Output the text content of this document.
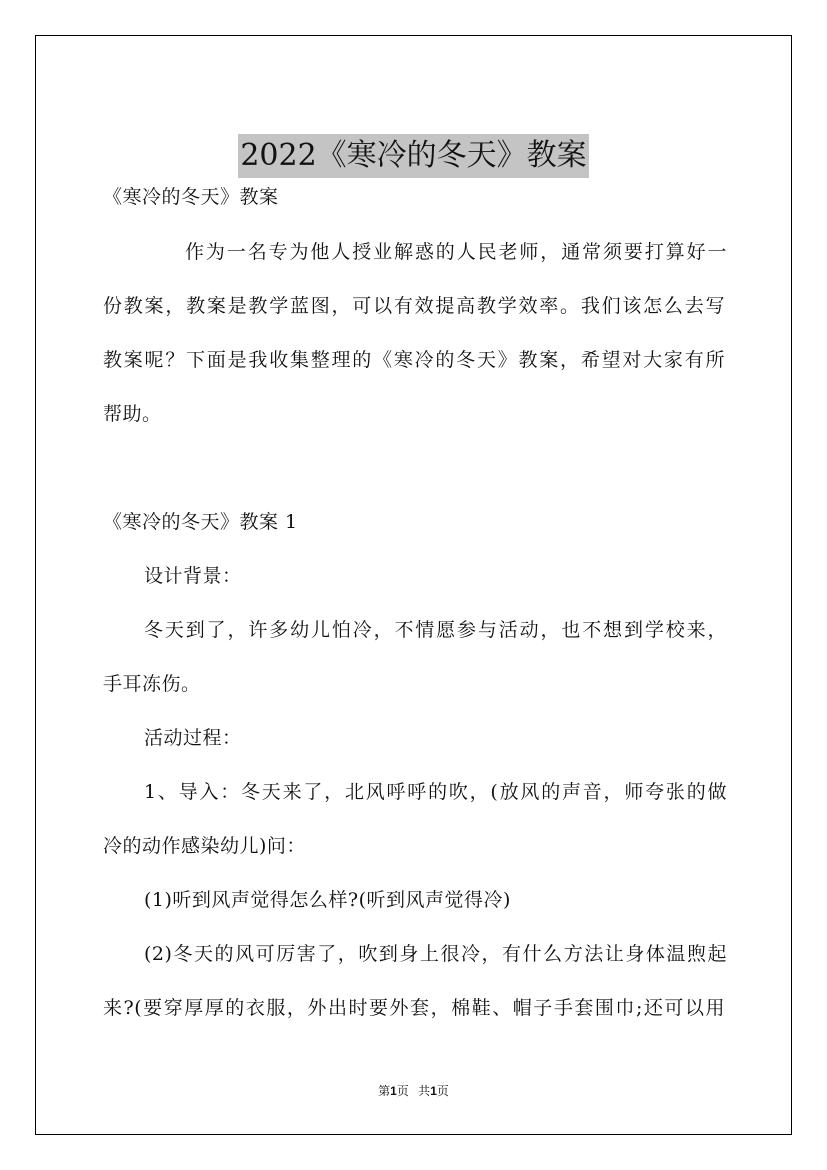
2022《寒冷的冬天》教案

《寒冷的冬天》教案

作为一名专为他人授业解惑的人民老师，通常须要打算好一

份教案，教案是教学蓝图，可以有效提高教学效率。我们该怎么去写

教案呢？下面是我收集整理的《寒冷的冬天》教案，希望对大家有所

帮助。

《寒冷的冬天》教案 1

设计背景：

冬天到了，许多幼儿怕冷，不情愿参与活动，也不想到学校来，

手耳冻伤。

活动过程：

1、导入：冬天来了，北风呼呼的吹，(放风的声音，师夸张的做

冷的动作感染幼儿)问：

(1)听到风声觉得怎么样?(听到风声觉得冷)

(2)冬天的风可厉害了，吹到身上很冷，有什么方法让身体温煦起

来?(要穿厚厚的衣服，外出时要外套，棉鞋、帽子手套围巾;还可以用

第1页 共1页
